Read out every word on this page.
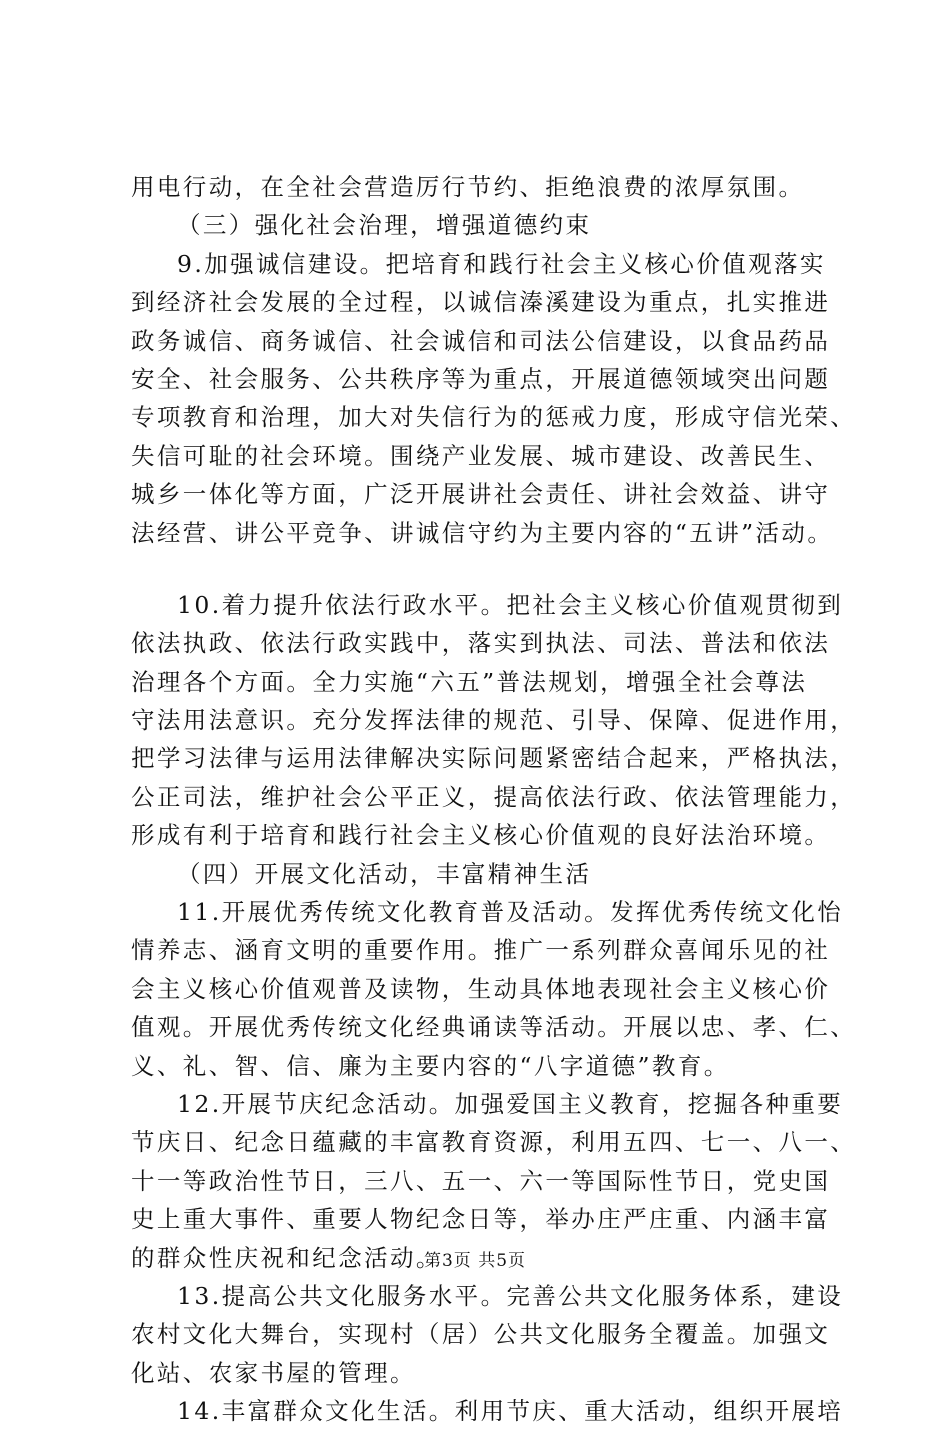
用电行动，在全社会营造厉行节约、拒绝浪费的浓厚氛围。
（三）强化社会治理，增强道德约束
9.加强诚信建设。把培育和践行社会主义核心价值观落实
到经济社会发展的全过程，以诚信溱溪建设为重点，扎实推进
政务诚信、商务诚信、社会诚信和司法公信建设，以食品药品
安全、社会服务、公共秩序等为重点，开展道德领域突出问题
专项教育和治理，加大对失信行为的惩戒力度，形成守信光荣、
失信可耻的社会环境。围绕产业发展、城市建设、改善民生、
城乡一体化等方面，广泛开展讲社会责任、讲社会效益、讲守
法经营、讲公平竞争、讲诚信守约为主要内容的“五讲”活动。
10.着力提升依法行政水平。把社会主义核心价值观贯彻到
依法执政、依法行政实践中，落实到执法、司法、普法和依法
治理各个方面。全力实施“六五”普法规划，增强全社会尊法
守法用法意识。充分发挥法律的规范、引导、保障、促进作用，
把学习法律与运用法律解决实际问题紧密结合起来，严格执法，
公正司法，维护社会公平正义，提高依法行政、依法管理能力，
形成有利于培育和践行社会主义核心价值观的良好法治环境。
（四）开展文化活动，丰富精神生活
11.开展优秀传统文化教育普及活动。发挥优秀传统文化怡
情养志、涵育文明的重要作用。推广一系列群众喜闻乐见的社
会主义核心价值观普及读物，生动具体地表现社会主义核心价
值观。开展优秀传统文化经典诵读等活动。开展以忠、孝、仁、
义、礼、智、信、廉为主要内容的“八字道德”教育。
12.开展节庆纪念活动。加强爱国主义教育，挖掘各种重要
节庆日、纪念日蕴藏的丰富教育资源，利用五四、七一、八一、
十一等政治性节日，三八、五一、六一等国际性节日，党史国
史上重大事件、重要人物纪念日等，举办庄严庄重、内涵丰富
的群众性庆祝和纪念活动。
13.提高公共文化服务水平。完善公共文化服务体系，建设
农村文化大舞台，实现村（居）公共文化服务全覆盖。加强文
化站、农家书屋的管理。
14.丰富群众文化生活。利用节庆、重大活动，组织开展培
第3页 共5页
